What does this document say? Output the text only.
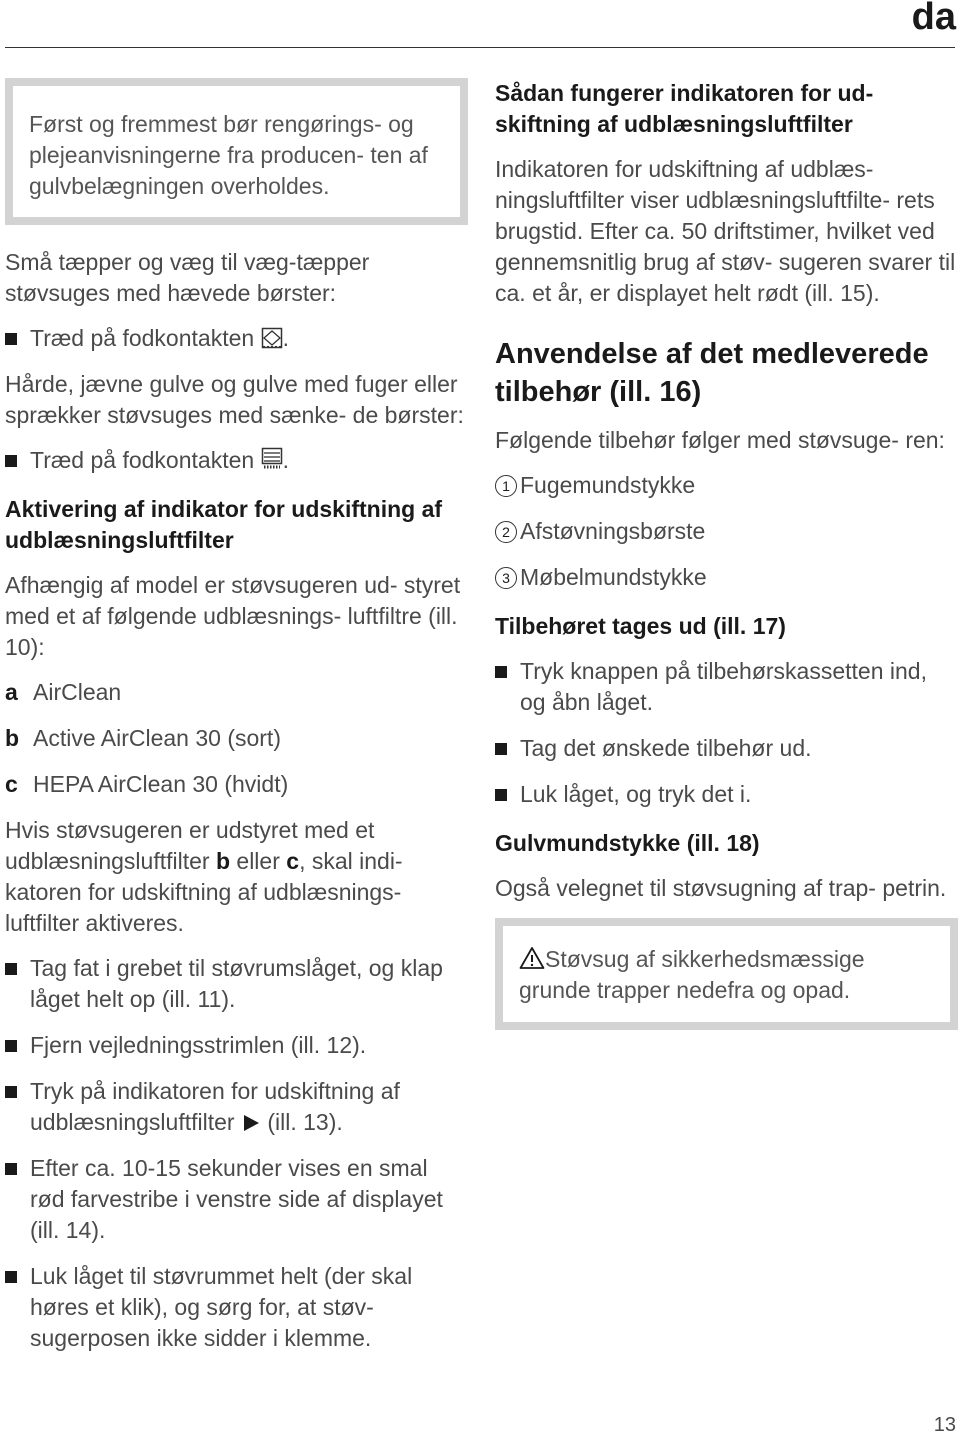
da

Først og fremmest bør rengørings- og plejeanvisningerne fra producen- ten af gulvbelægningen overholdes.

Små tæpper og væg til væg-tæpper støvsuges med hævede børster:

Træd på fodkontakten .

Hårde, jævne gulve og gulve med fuger eller sprækker støvsuges med sænke- de børster:

Træd på fodkontakten .

Aktivering af indikator for udskiftning af udblæsningsluftfilter

Afhængig af model er støvsugeren ud- styret med et af følgende udblæsnings- luftfiltre (ill. 10):

a AirClean

b Active AirClean 30 (sort)

c HEPA AirClean 30 (hvidt)

Hvis støvsugeren er udstyret med et udblæsningsluftfilter b eller c, skal indi- katoren for udskiftning af udblæsnings- luftfilter aktiveres.

Tag fat i grebet til støvrumslåget, og klap låget helt op (ill. 11).

Fjern vejledningsstrimlen (ill. 12).

Tryk på indikatoren for udskiftning af udblæsningsluftfilter (ill. 13).

Efter ca. 10-15 sekunder vises en smal rød farvestribe i venstre side af displayet (ill. 14).

Luk låget til støvrummet helt (der skal høres et klik), og sørg for, at støv- sugerposen ikke sidder i klemme.

Sådan fungerer indikatoren for ud- skiftning af udblæsningsluftfilter

Indikatoren for udskiftning af udblæs- ningsluftfilter viser udblæsningsluftfilte- rets brugstid. Efter ca. 50 driftstimer, hvilket ved gennemsnitlig brug af støv- sugeren svarer til ca. et år, er displayet helt rødt (ill. 15).

Anvendelse af det medleverede tilbehør (ill. 16)

Følgende tilbehør følger med støvsuge- ren:

1 Fugemundstykke

2 Afstøvningsbørste

3 Møbelmundstykke

Tilbehøret tages ud (ill. 17)

Tryk knappen på tilbehørskassetten ind, og åbn låget.

Tag det ønskede tilbehør ud.

Luk låget, og tryk det i.

Gulvmundstykke (ill. 18)

Også velegnet til støvsugning af trap- petrin.

Støvsug af sikkerhedsmæssige grunde trapper nedefra og opad.

13
